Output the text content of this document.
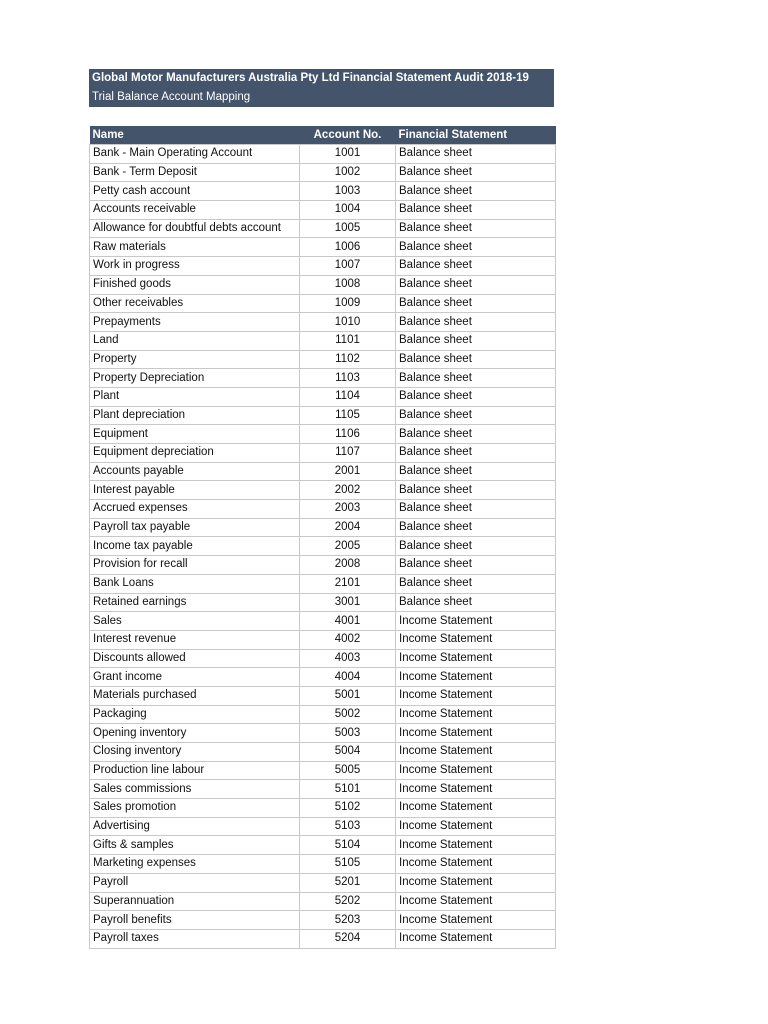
Global Motor Manufacturers Australia Pty Ltd Financial Statement Audit 2018-19
Trial Balance Account Mapping
Name	Account No.	Financial Statement
Bank - Main Operating Account	1001	Balance sheet
Bank - Term Deposit	1002	Balance sheet
Petty cash account	1003	Balance sheet
Accounts receivable	1004	Balance sheet
Allowance for doubtful debts account	1005	Balance sheet
Raw materials	1006	Balance sheet
Work in progress	1007	Balance sheet
Finished goods	1008	Balance sheet
Other receivables	1009	Balance sheet
Prepayments	1010	Balance sheet
Land	1101	Balance sheet
Property	1102	Balance sheet
Property Depreciation	1103	Balance sheet
Plant	1104	Balance sheet
Plant depreciation	1105	Balance sheet
Equipment	1106	Balance sheet
Equipment depreciation	1107	Balance sheet
Accounts payable	2001	Balance sheet
Interest payable	2002	Balance sheet
Accrued expenses	2003	Balance sheet
Payroll tax payable	2004	Balance sheet
Income tax payable	2005	Balance sheet
Provision for recall	2008	Balance sheet
Bank Loans	2101	Balance sheet
Retained earnings	3001	Balance sheet
Sales	4001	Income Statement
Interest revenue	4002	Income Statement
Discounts allowed	4003	Income Statement
Grant income	4004	Income Statement
Materials purchased	5001	Income Statement
Packaging	5002	Income Statement
Opening inventory	5003	Income Statement
Closing inventory	5004	Income Statement
Production line labour	5005	Income Statement
Sales commissions	5101	Income Statement
Sales promotion	5102	Income Statement
Advertising	5103	Income Statement
Gifts & samples	5104	Income Statement
Marketing expenses	5105	Income Statement
Payroll	5201	Income Statement
Superannuation	5202	Income Statement
Payroll benefits	5203	Income Statement
Payroll taxes	5204	Income Statement
